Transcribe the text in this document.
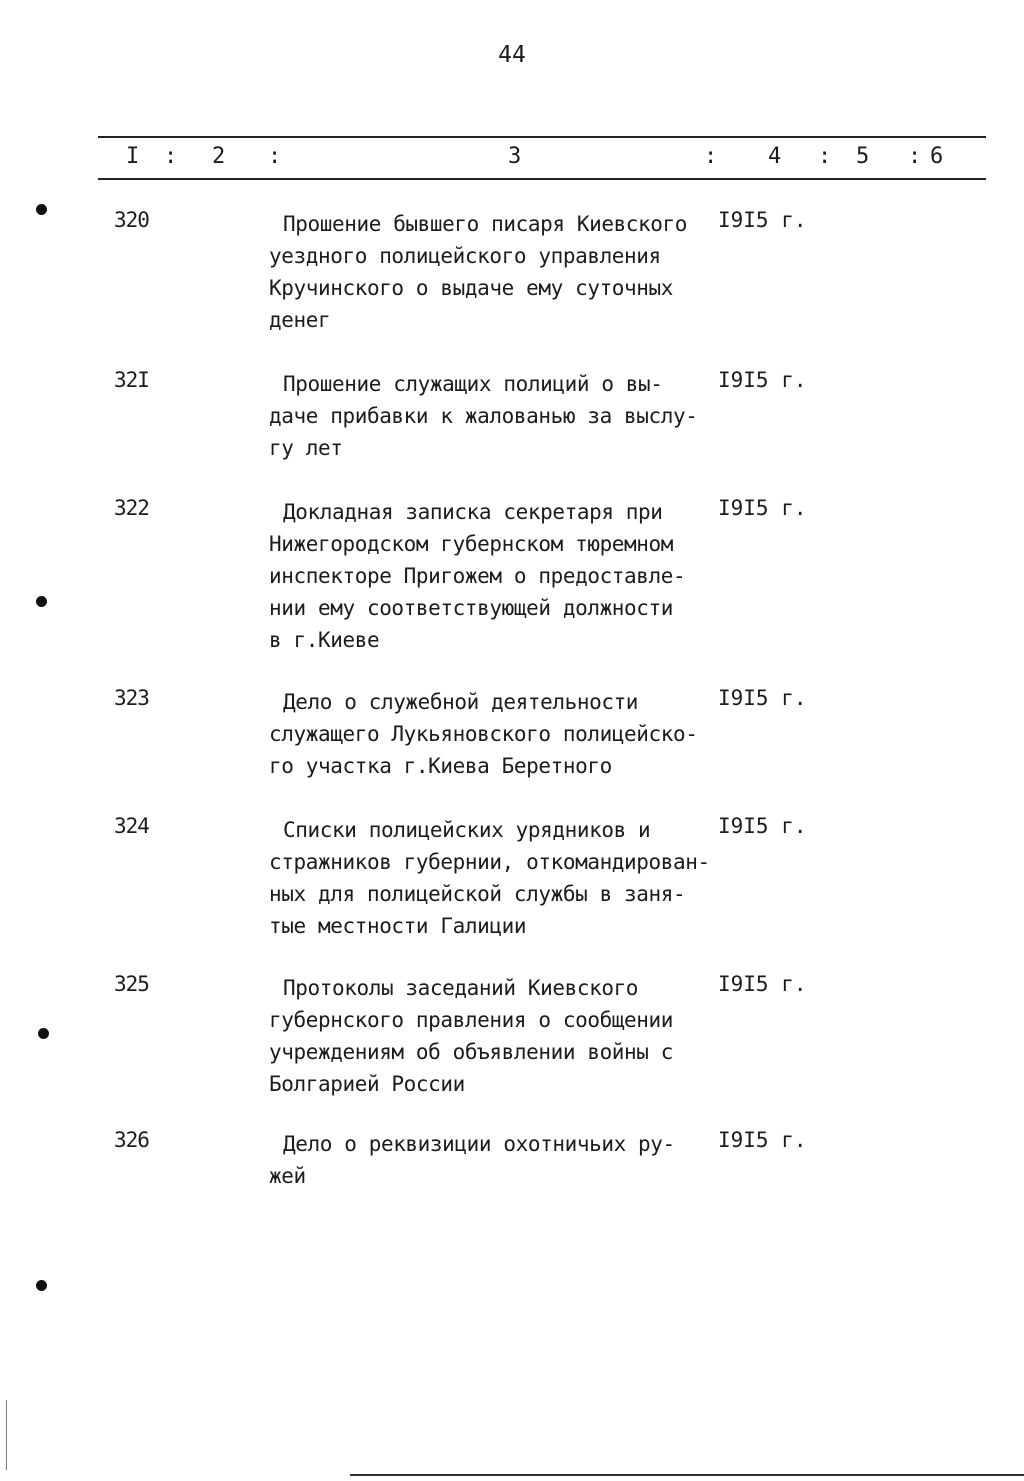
44
I : 2 :	3	: 4 : 5 : 6
320	Прошение бывшего писаря Киевского
уездного полицейского управления
Кручинского о выдаче ему суточных
денег
I9I5 г.
32I	Прошение служащих полиций о вы-
даче прибавки к жалованью за выслу-
гу лет
I9I5 г.
322	Докладная записка секретаря при
Нижегородском губернском тюремном
инспекторе Пригожем о предоставле-
нии ему соответствующей должности
в г.Киеве
I9I5 г.
323	Дело о служебной деятельности
служащего Лукьяновского полицейско-
го участка г.Киева Беретного
I9I5 г.
324	Списки полицейских урядников и
стражников губернии, откомандирован-
ных для полицейской службы в заня-
тые местности Галиции
I9I5 г.
325	Протоколы заседаний Киевского
губернского правления о сообщении
учреждениям об объявлении войны с
Болгарией России
I9I5 г.
326	Дело о реквизиции охотничьих ру-
жей
I9I5 г.
